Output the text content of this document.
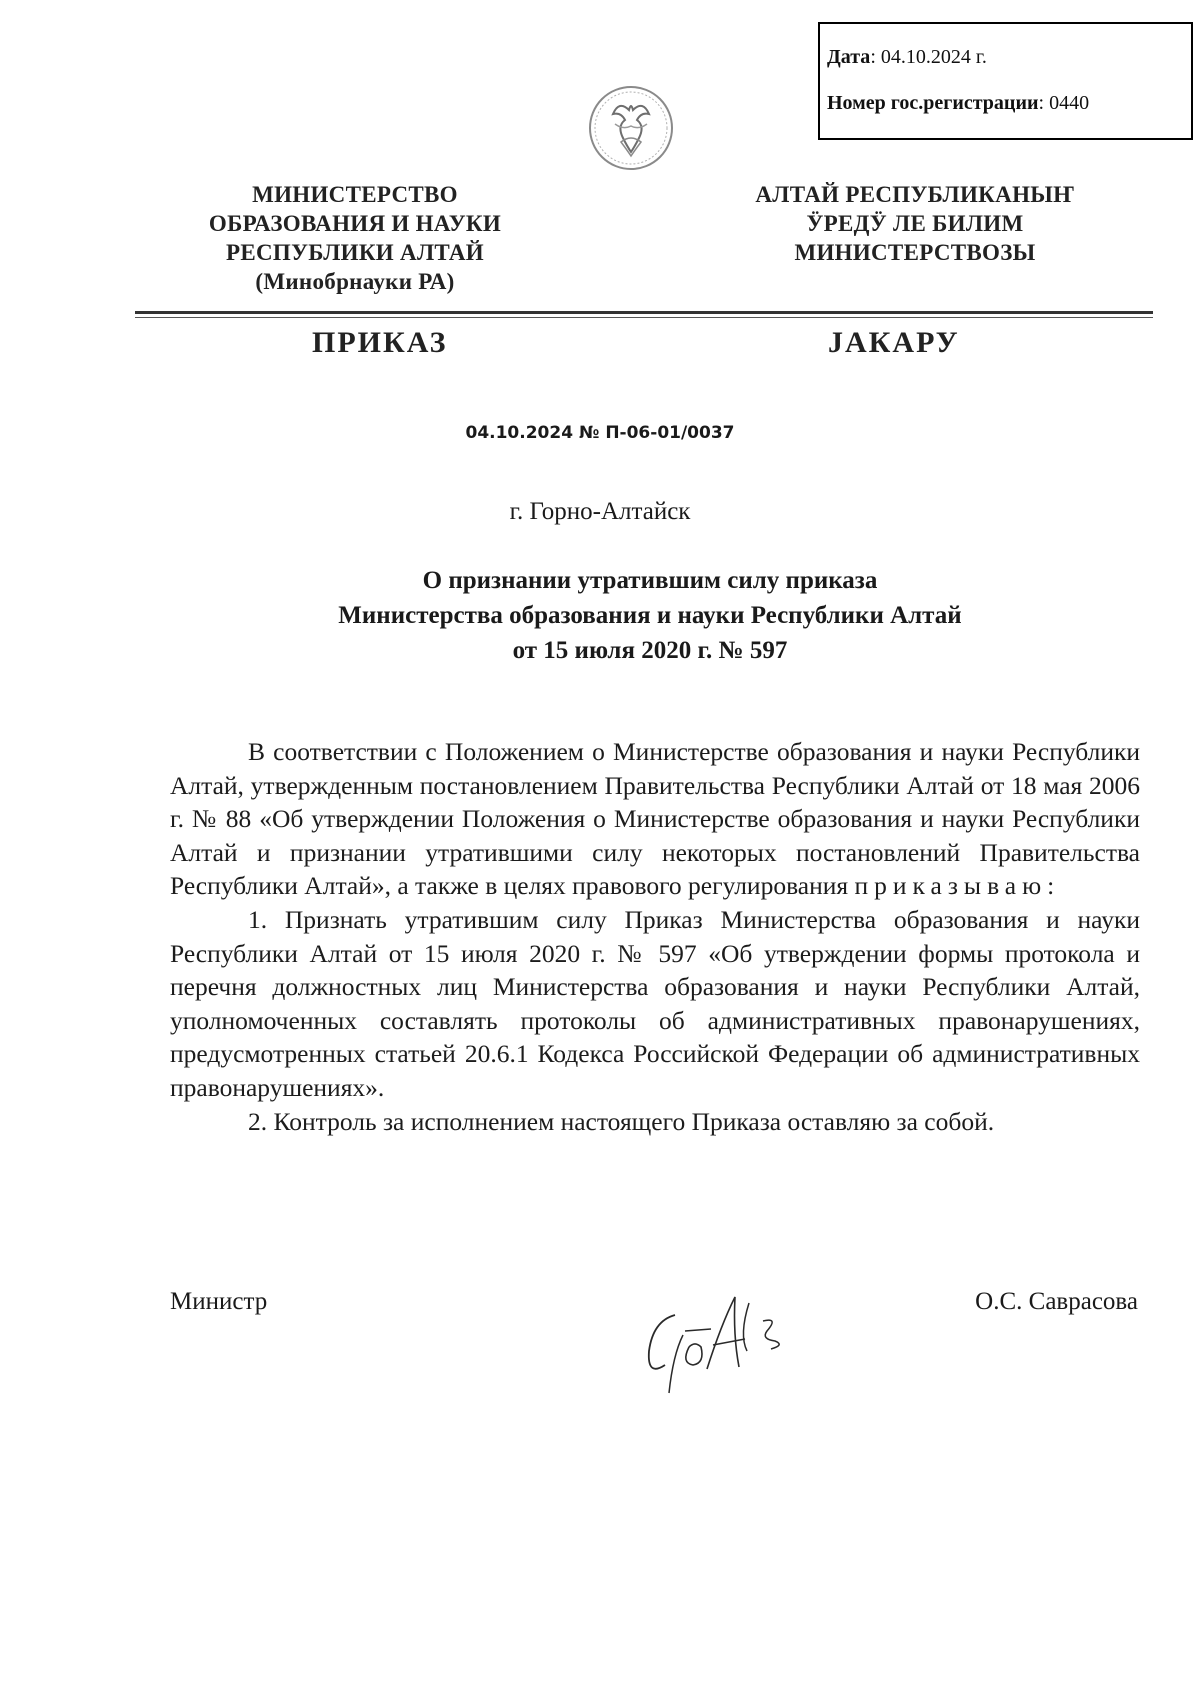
Дата: 04.10.2024 г.
Номер гос.регистрации: 0440
МИНИСТЕРСТВО
ОБРАЗОВАНИЯ И НАУКИ
РЕСПУБЛИКИ АЛТАЙ
(Минобрнауки РА)
АЛТАЙ РЕСПУБЛИКАНЫҤ
ӰРЕДӰ ЛЕ БИЛИМ
МИНИСТЕРСТВОЗЫ
ПРИКАЗ	JАКАРУ
04.10.2024 № П-06-01/0037
г. Горно-Алтайск
О признании утратившим силу приказа
Министерства образования и науки Республики Алтай
от 15 июля 2020 г. № 597

В соответствии с Положением о Министерстве образования и науки Республики Алтай, утвержденным постановлением Правительства Республики Алтай от 18 мая 2006 г. № 88 «Об утверждении Положения о Министерстве образования и науки Республики Алтай и признании утратившими силу некоторых постановлений Правительства Республики Алтай», а также в целях правового регулирования приказываю:

1. Признать утратившим силу Приказ Министерства образования и науки Республики Алтай от 15 июля 2020 г. № 597 «Об утверждении формы протокола и перечня должностных лиц Министерства образования и науки Республики Алтай, уполномоченных составлять протоколы об административных правонарушениях, предусмотренных статьей 20.6.1 Кодекса Российской Федерации об административных правонарушениях».

2. Контроль за исполнением настоящего Приказа оставляю за собой.

Министр	О.С. Саврасова
